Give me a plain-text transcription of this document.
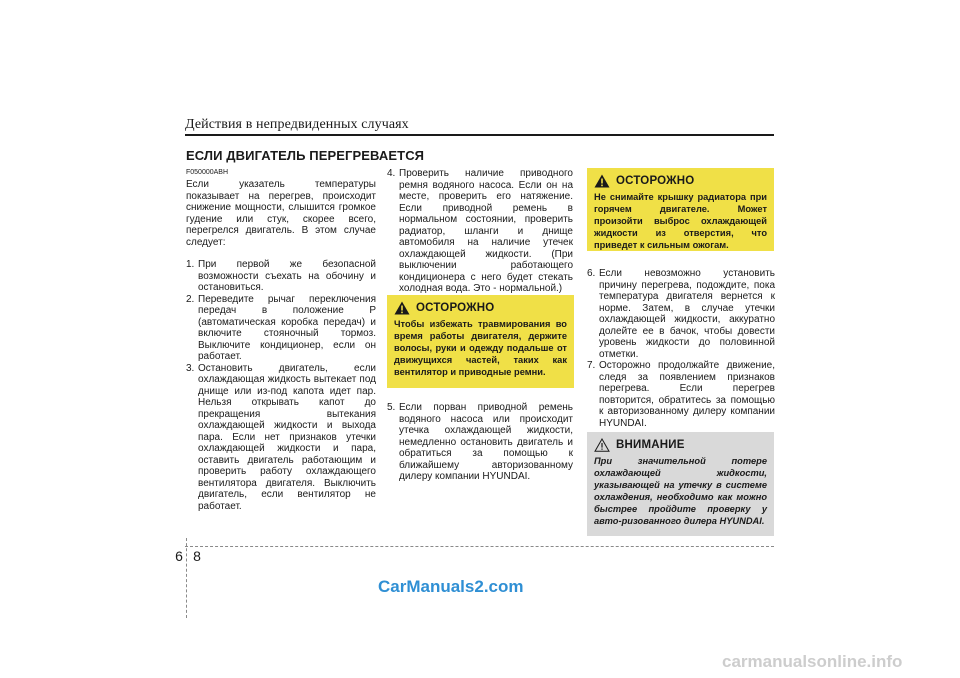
Действия в непредвиденных случаях
ЕСЛИ ДВИГАТЕЛЬ ПЕРЕГРЕВАЕТСЯ

F050000ABH

Если указатель температуры показывает на перегрев, происходит снижение мощности, слышится громкое гудение или стук, скорее всего, перегрелся двигатель. В этом случае следует:

1. При первой же безопасной возможности съехать на обочину и остановиться.
2. Переведите рычаг переключения передач в положение P (автоматическая коробка передач) и включите стояночный тормоз. Выключите кондиционер, если он работает.
3. Остановить двигатель, если охлаждающая жидкость вытекает под днище или из-под капота идет пар. Нельзя открывать капот до прекращения вытекания охлаждающей жидкости и выхода пара. Если нет признаков утечки охлаждающей жидкости и пара, оставить двигатель работающим и проверить работу охлаждающего вентилятора двигателя. Выключить двигатель, если вентилятор не работает.
4. Проверить наличие приводного ремня водяного насоса. Если он на месте, проверить его натяжение. Если приводной ремень в нормальном состоянии, проверить радиатор, шланги и днище автомобиля на наличие утечек охлаждающей жидкости. (При выключении работающего кондиционера с него будет стекать холодная вода. Это - нормальной.)
ОСТОРОЖНО
Чтобы избежать травмирования во время работы двигателя, держите волосы, руки и одежду подальше от движущихся частей, таких как вентилятор и приводные ремни.
5. Если порван приводной ремень водяного насоса или происходит утечка охлаждающей жидкости, немедленно остановить двигатель и обратиться за помощью к ближайшему авторизованному дилеру компании HYUNDAI.
ОСТОРОЖНО
Не снимайте крышку радиатора при горячем двигателе. Может произойти выброс охлаждающей жидкости из отверстия, что приведет к сильным ожогам.
6. Если невозможно установить причину перегрева, подождите, пока температура двигателя вернется к норме. Затем, в случае утечки охлаждающей жидкости, аккуратно долейте ее в бачок, чтобы довести уровень жидкости до половинной отметки.
7. Осторожно продолжайте движение, следя за появлением признаков перегрева. Если перегрев повторится, обратитесь за помощью к авторизованному дилеру компании HYUNDAI.
ВНИМАНИЕ
При значительной потере охлаждающей жидкости, указывающей на утечку в системе охлаждения, необходимо как можно быстрее пройдите проверку у авто-ризованного дилера HYUNDAI.
6 8
CarManuals2.com
carmanualsonline.info
